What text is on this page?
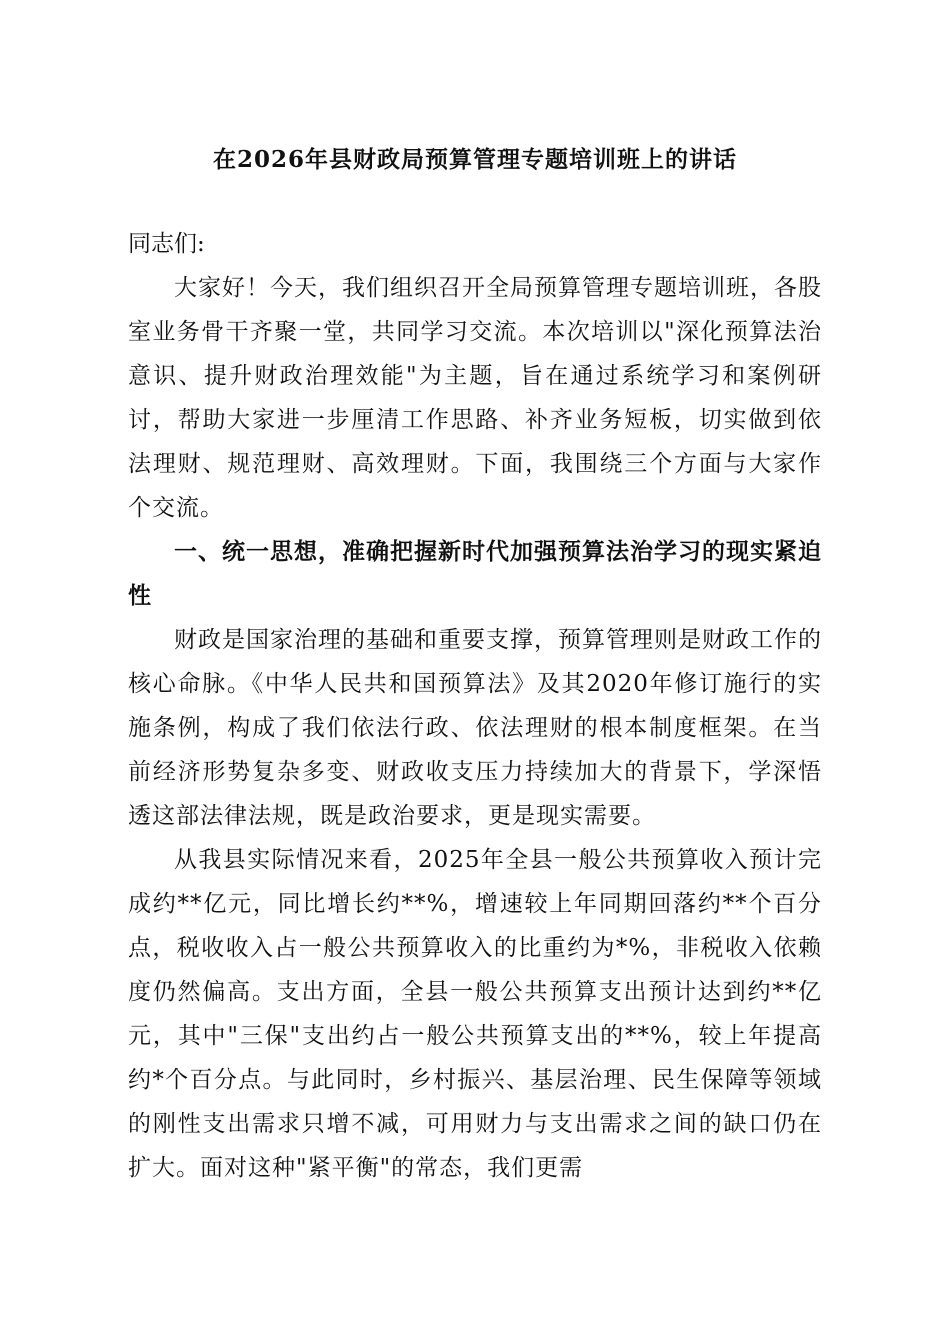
在2026年县财政局预算管理专题培训班上的讲话

同志们:

大家好！今天，我们组织召开全局预算管理专题培训班，各股室业务骨干齐聚一堂，共同学习交流。本次培训以"深化预算法治意识、提升财政治理效能"为主题，旨在通过系统学习和案例研讨，帮助大家进一步厘清工作思路、补齐业务短板，切实做到依法理财、规范理财、高效理财。下面，我围绕三个方面与大家作个交流。

一、统一思想，准确把握新时代加强预算法治学习的现实紧迫性

财政是国家治理的基础和重要支撑，预算管理则是财政工作的核心命脉。《中华人民共和国预算法》及其2020年修订施行的实施条例，构成了我们依法行政、依法理财的根本制度框架。在当前经济形势复杂多变、财政收支压力持续加大的背景下，学深悟透这部法律法规，既是政治要求，更是现实需要。

从我县实际情况来看，2025年全县一般公共预算收入预计完成约**亿元，同比增长约**%，增速较上年同期回落约**个百分点，税收收入占一般公共预算收入的比重约为*%，非税收入依赖度仍然偏高。支出方面，全县一般公共预算支出预计达到约**亿元，其中"三保"支出约占一般公共预算支出的**%，较上年提高约*个百分点。与此同时，乡村振兴、基层治理、民生保障等领域的刚性支出需求只增不减，可用财力与支出需求之间的缺口仍在扩大。面对这种"紧平衡"的常态，我们更需
